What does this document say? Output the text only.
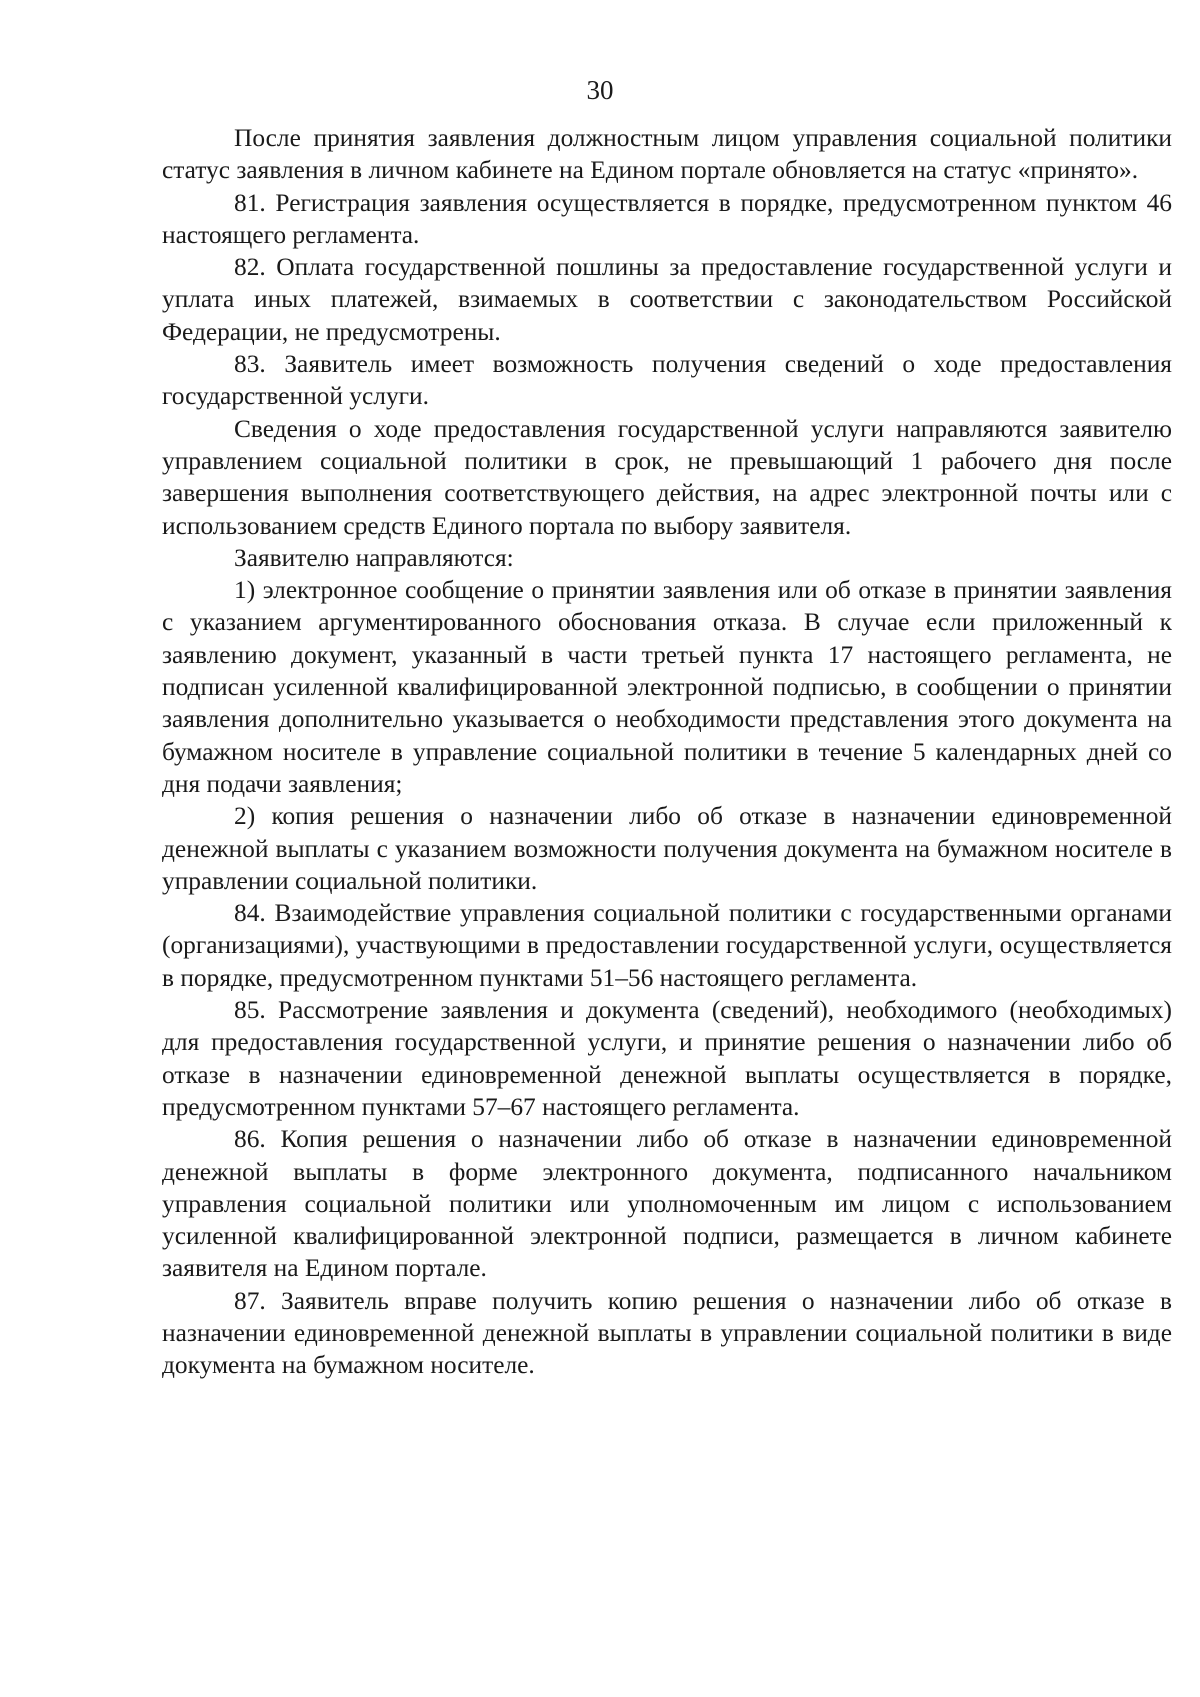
30

После принятия заявления должностным лицом управления социальной политики статус заявления в личном кабинете на Едином портале обновляется на статус «принято».

81. Регистрация заявления осуществляется в порядке, предусмотренном пунктом 46 настоящего регламента.

82. Оплата государственной пошлины за предоставление государственной услуги и уплата иных платежей, взимаемых в соответствии с законодательством Российской Федерации, не предусмотрены.

83. Заявитель имеет возможность получения сведений о ходе предоставления государственной услуги.

Сведения о ходе предоставления государственной услуги направляются заявителю управлением социальной политики в срок, не превышающий 1 рабочего дня после завершения выполнения соответствующего действия, на адрес электронной почты или с использованием средств Единого портала по выбору заявителя.

Заявителю направляются:

1) электронное сообщение о принятии заявления или об отказе в принятии заявления с указанием аргументированного обоснования отказа. В случае если приложенный к заявлению документ, указанный в части третьей пункта 17 настоящего регламента, не подписан усиленной квалифицированной электронной подписью, в сообщении о принятии заявления дополнительно указывается о необходимости представления этого документа на бумажном носителе в управление социальной политики в течение 5 календарных дней со дня подачи заявления;

2) копия решения о назначении либо об отказе в назначении единовременной денежной выплаты с указанием возможности получения документа на бумажном носителе в управлении социальной политики.

84. Взаимодействие управления социальной политики с государственными органами (организациями), участвующими в предоставлении государственной услуги, осуществляется в порядке, предусмотренном пунктами 51–56 настоящего регламента.

85. Рассмотрение заявления и документа (сведений), необходимого (необходимых) для предоставления государственной услуги, и принятие решения о назначении либо об отказе в назначении единовременной денежной выплаты осуществляется в порядке, предусмотренном пунктами 57–67 настоящего регламента.

86. Копия решения о назначении либо об отказе в назначении единовременной денежной выплаты в форме электронного документа, подписанного начальником управления социальной политики или уполномоченным им лицом с использованием усиленной квалифицированной электронной подписи, размещается в личном кабинете заявителя на Едином портале.

87. Заявитель вправе получить копию решения о назначении либо об отказе в назначении единовременной денежной выплаты в управлении социальной политики в виде документа на бумажном носителе.
